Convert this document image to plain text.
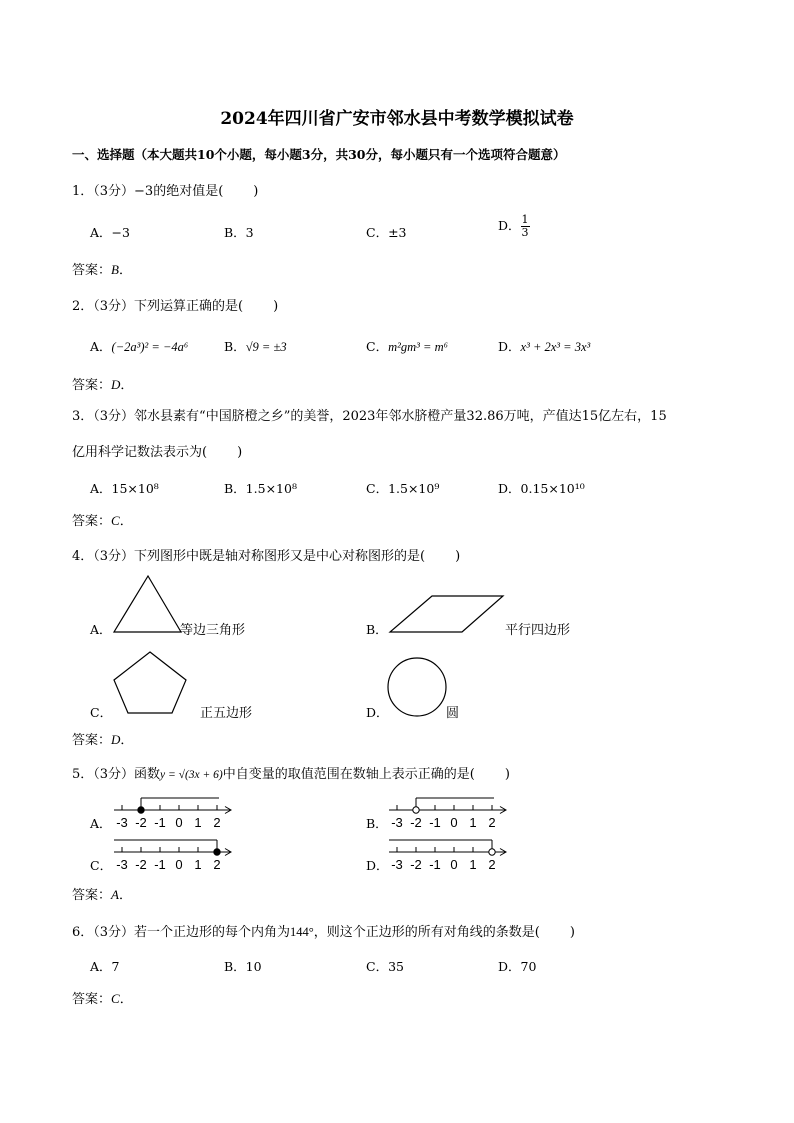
2024年四川省广安市邻水县中考数学模拟试卷
一、选择题（本大题共10个小题，每小题3分，共30分，每小题只有一个选项符合题意）
1．（3分）−3的绝对值是( )
A．−3	B．3	C．±3	D． $\frac{1}{3}$
答案：B．
2．（3分）下列运算正确的是( )
A．(−2a³)² = −4a⁶	B．√9 = ±3	C．m²gm³ = m⁶	D．x³ + 2x³ = 3x³
答案：D．
3．（3分）邻水县素有“中国脐橙之乡”的美誉，2023年邻水脐橙产量32.86万吨，产值达15亿左右，15
亿用科学记数法表示为( )
A．15×10⁸	B．1.5×10⁸	C．1.5×10⁹	D．0.15×10¹⁰
答案：C．
4．（3分）下列图形中既是轴对称图形又是中心对称图形的是( )
A．	等边三角形	B．	平行四边形
C．	正五边形	D．	圆
答案：D．
5．（3分）函数y = √(3x + 6)中自变量的取值范围在数轴上表示正确的是( )
A．	B．
C．	D．
-3 -2 -1 0 1 2	-3 -2 -1 0 1 2
-3 -2 -1 0 1 2	-3 -2 -1 0 1 2
答案：A．
6．（3分）若一个正边形的每个内角为144°，则这个正边形的所有对角线的条数是( )
A．7	B．10	C．35	D．70
答案：C．
